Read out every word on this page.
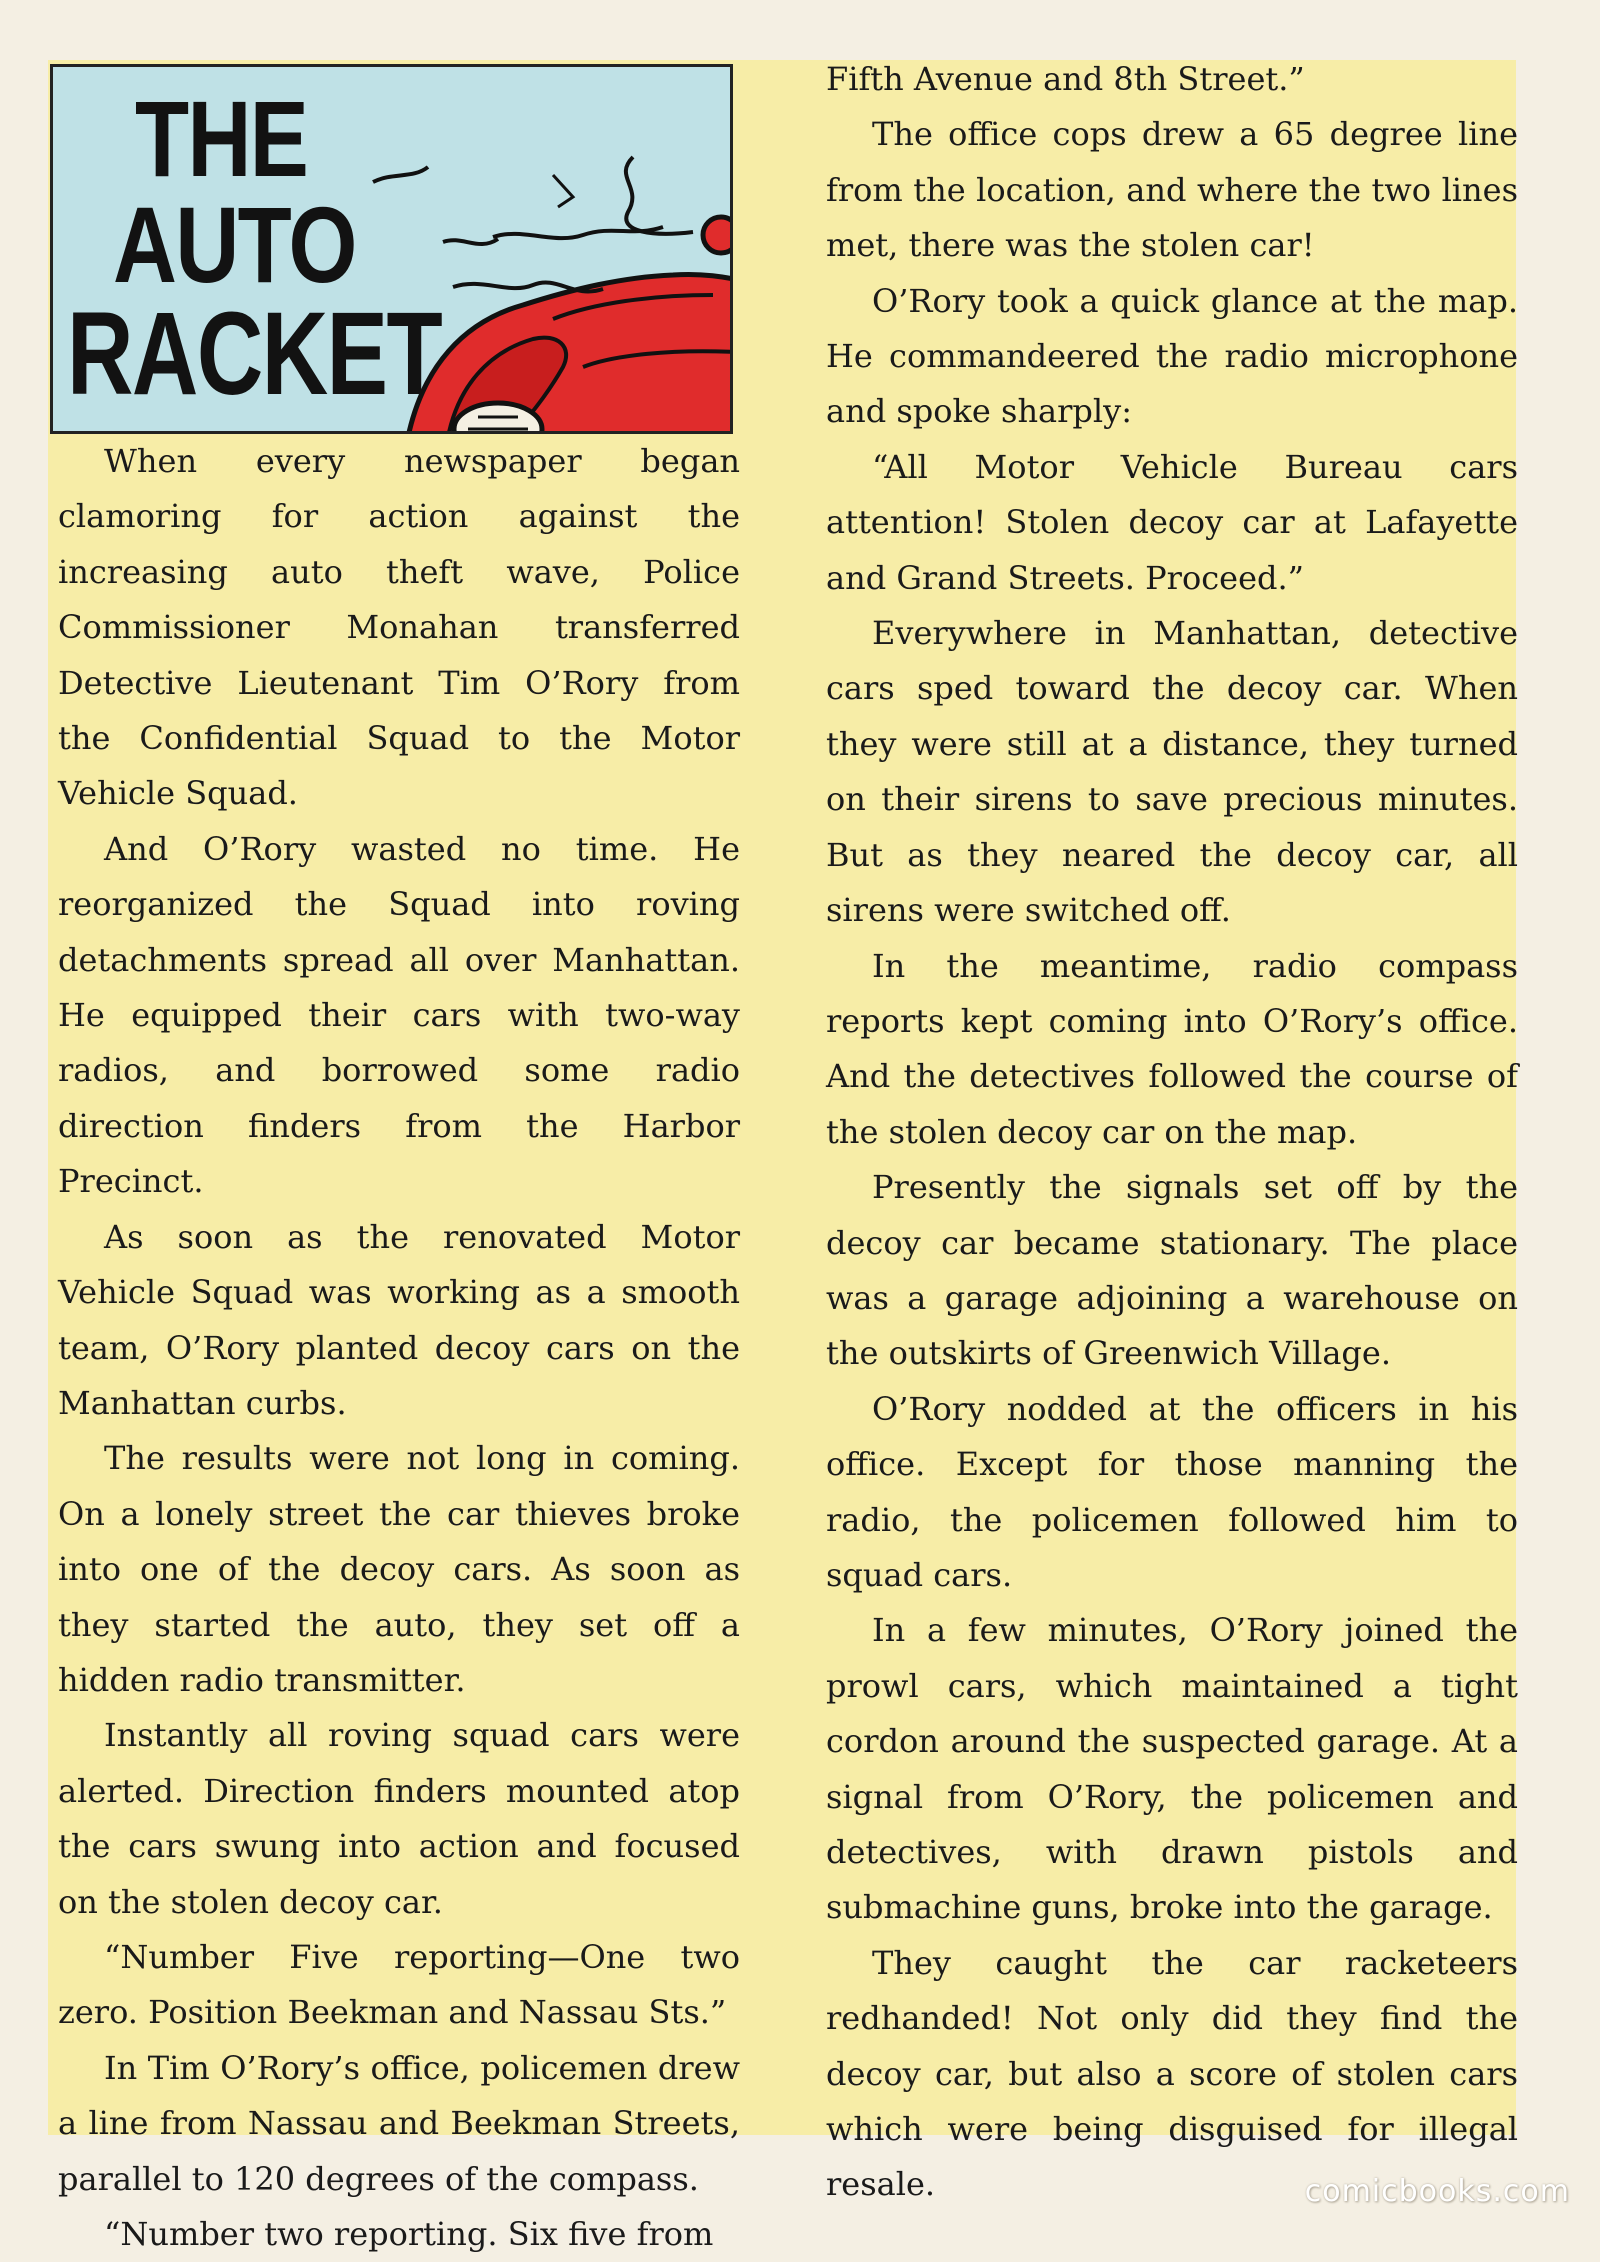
THE
AUTO
RACKET

When every newspaper began clamoring for action against the increasing auto theft wave, Police Commissioner Monahan transferred Detective Lieutenant Tim O’Rory from the Confidential Squad to the Motor Vehicle Squad.

And O’Rory wasted no time. He reorganized the Squad into roving detachments spread all over Manhattan. He equipped their cars with two-way radios, and borrowed some radio direction finders from the Harbor Precinct.

As soon as the renovated Motor Vehicle Squad was working as a smooth team, O’Rory planted decoy cars on the Manhattan curbs.

The results were not long in coming. On a lonely street the car thieves broke into one of the decoy cars. As soon as they started the auto, they set off a hidden radio transmitter.

Instantly all roving squad cars were alerted. Direction finders mounted atop the cars swung into action and focused on the stolen decoy car.

“Number Five reporting—One two zero. Position Beekman and Nassau Sts.”

In Tim O’Rory’s office, policemen drew a line from Nassau and Beekman Streets, parallel to 120 degrees of the compass.

“Number two reporting. Six five from

Fifth Avenue and 8th Street.”

The office cops drew a 65 degree line from the location, and where the two lines met, there was the stolen car!

O’Rory took a quick glance at the map. He commandeered the radio microphone and spoke sharply:

“All Motor Vehicle Bureau cars attention! Stolen decoy car at Lafayette and Grand Streets. Proceed.”

Everywhere in Manhattan, detective cars sped toward the decoy car. When they were still at a distance, they turned on their sirens to save precious minutes. But as they neared the decoy car, all sirens were switched off.

In the meantime, radio compass reports kept coming into O’Rory’s office. And the detectives followed the course of the stolen decoy car on the map.

Presently the signals set off by the decoy car became stationary. The place was a garage adjoining a warehouse on the outskirts of Greenwich Village.

O’Rory nodded at the officers in his office. Except for those manning the radio, the policemen followed him to squad cars.

In a few minutes, O’Rory joined the prowl cars, which maintained a tight cordon around the suspected garage. At a signal from O’Rory, the policemen and detectives, with drawn pistols and submachine guns, broke into the garage.

They caught the car racketeers redhanded! Not only did they find the decoy car, but also a score of stolen cars which were being disguised for illegal resale.	comicbooks.com
